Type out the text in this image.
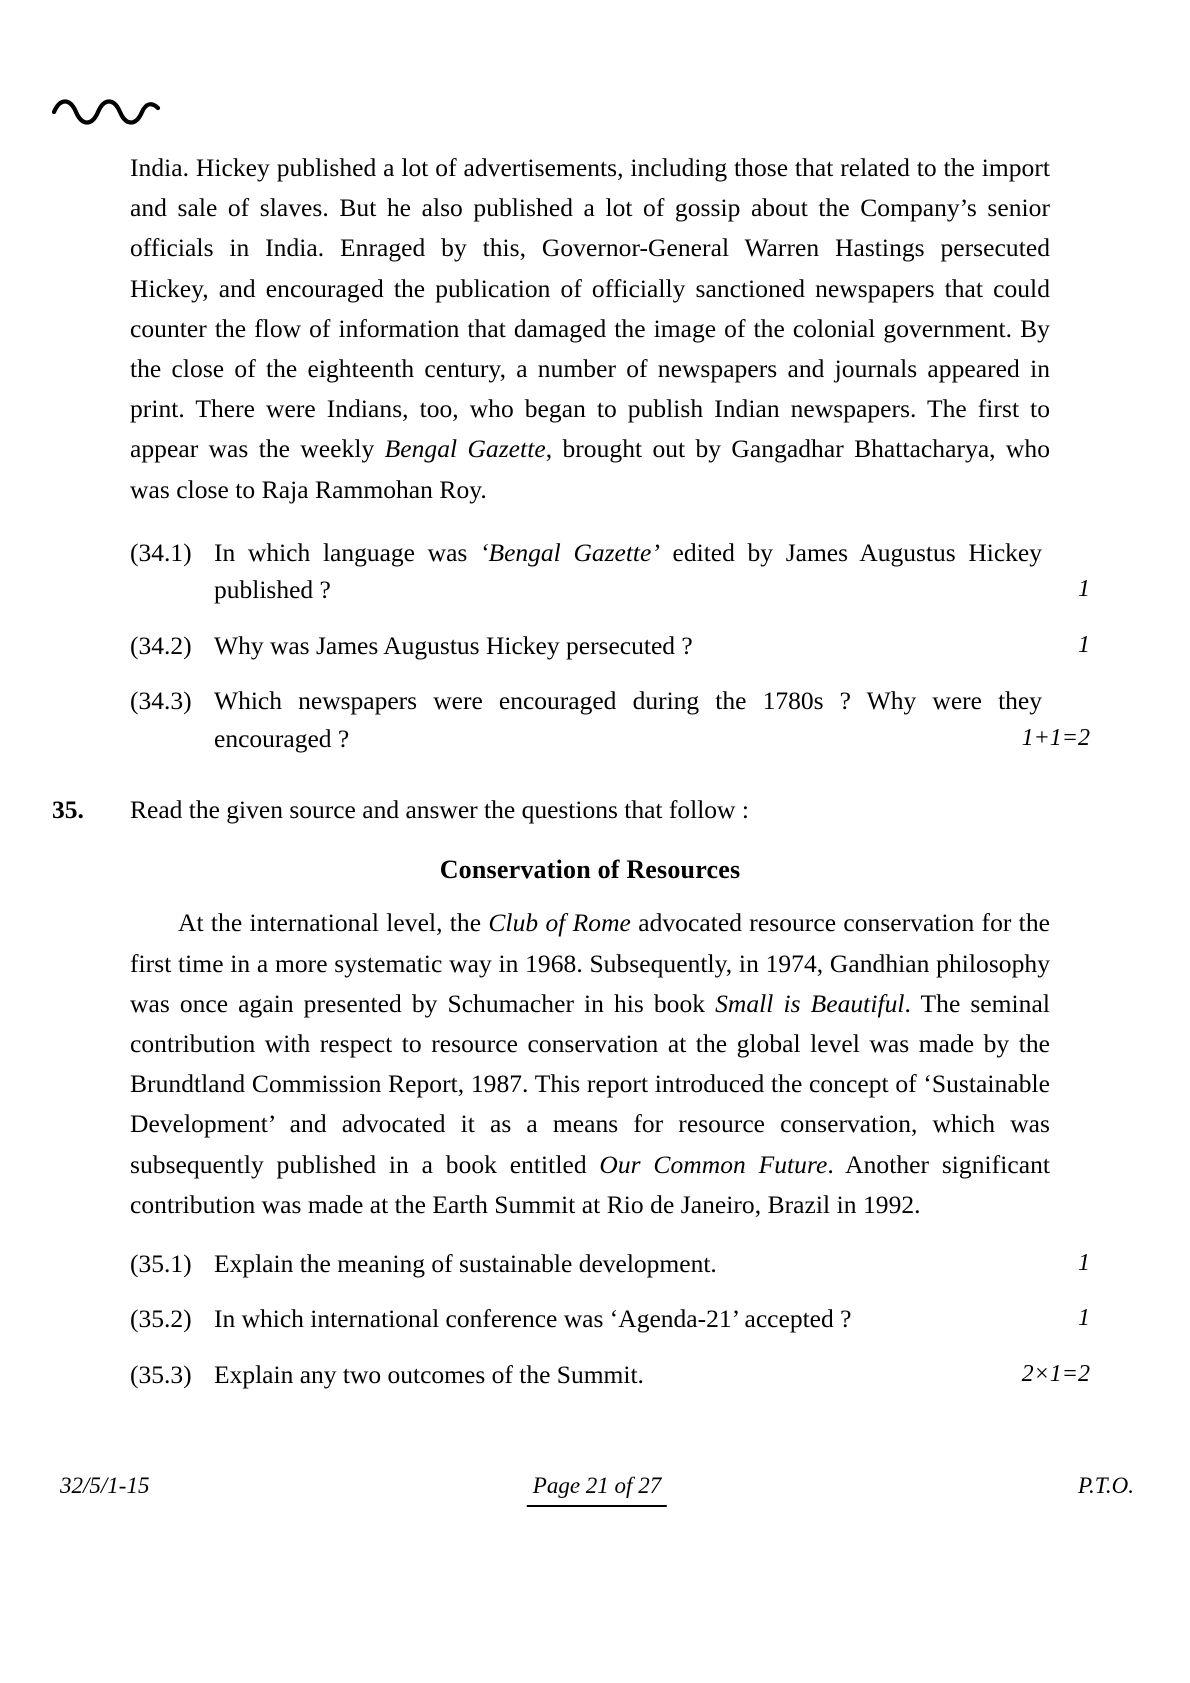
India. Hickey published a lot of advertisements, including those that related to the import and sale of slaves. But he also published a lot of gossip about the Company’s senior officials in India. Enraged by this, Governor-General Warren Hastings persecuted Hickey, and encouraged the publication of officially sanctioned newspapers that could counter the flow of information that damaged the image of the colonial government. By the close of the eighteenth century, a number of newspapers and journals appeared in print. There were Indians, too, who began to publish Indian newspapers. The first to appear was the weekly Bengal Gazette, brought out by Gangadhar Bhattacharya, who was close to Raja Rammohan Roy.

(34.1) In which language was ‘Bengal Gazette’ edited by James Augustus Hickey published ?	1
(34.2) Why was James Augustus Hickey persecuted ?	1
(34.3) Which newspapers were encouraged during the 1780s ? Why were they encouraged ?	1+1=2
35.	Read the given source and answer the questions that follow :
Conservation of Resources

At the international level, the Club of Rome advocated resource conservation for the first time in a more systematic way in 1968. Subsequently, in 1974, Gandhian philosophy was once again presented by Schumacher in his book Small is Beautiful. The seminal contribution with respect to resource conservation at the global level was made by the Brundtland Commission Report, 1987. This report introduced the concept of ‘Sustainable Development’ and advocated it as a means for resource conservation, which was subsequently published in a book entitled Our Common Future. Another significant contribution was made at the Earth Summit at Rio de Janeiro, Brazil in 1992.

(35.1) Explain the meaning of sustainable development.	1
(35.2) In which international conference was ‘Agenda-21’ accepted ?	1
(35.3) Explain any two outcomes of the Summit.	2×1=2
32/5/1-15	Page 21 of 27	P.T.O.
